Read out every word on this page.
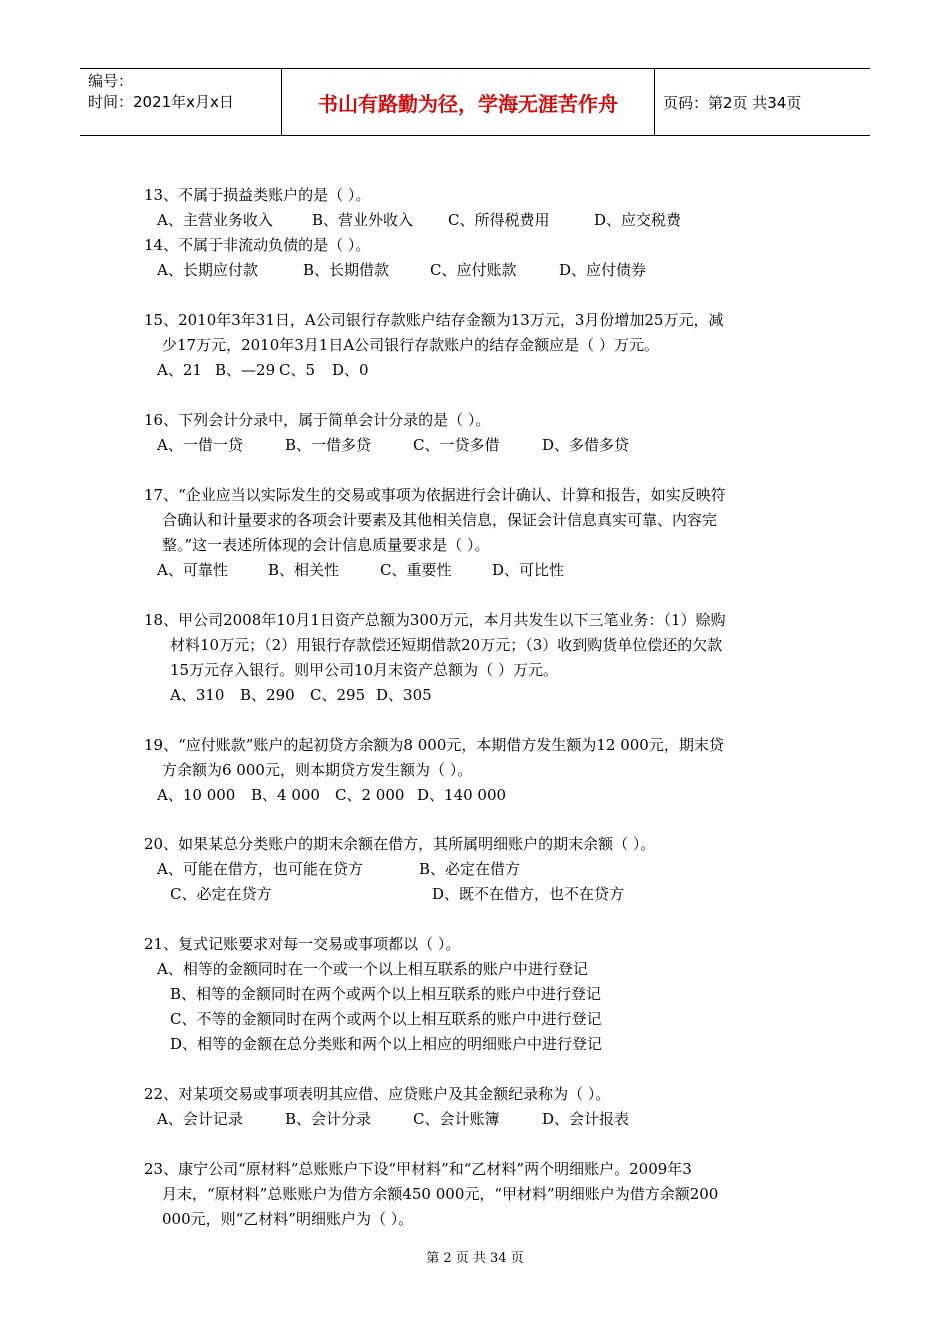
编号：
时间：2021年x月x日	书山有路勤为径，学海无涯苦作舟	页码：第2页 共34页
13、不属于损益类账户的是（ ）。
A、主营业务收入	B、营业外收入 C、所得税费用	D、应交税费
14、不属于非流动负债的是（ ）。
A、长期应付款	B、长期借款	C、应付账款	D、应付债券
15、2010年3年31日，A公司银行存款账户结存金额为13万元，3月份增加25万元，减
少17万元，2010年3月1日A公司银行存款账户的结存金额应是（ ）万元。
A、21 B、—29 C、5 D、0
16、下列会计分录中，属于简单会计分录的是（ ）。
A、一借一贷	B、一借多贷	C、一贷多借	D、多借多贷
17、“企业应当以实际发生的交易或事项为依据进行会计确认、计算和报告，如实反映符
合确认和计量要求的各项会计要素及其他相关信息，保证会计信息真实可靠、内容完
整。”这一表述所体现的会计信息质量要求是（ ）。
A、可靠性	B、相关性	C、重要性	D、可比性
18、甲公司2008年10月1日资产总额为300万元，本月共发生以下三笔业务：（1）赊购
材料10万元；（2）用银行存款偿还短期借款20万元；（3）收到购货单位偿还的欠款
15万元存入银行。则甲公司10月末资产总额为（ ）万元。
A、310 B、290 C、295 D、305
19、“应付账款”账户的起初贷方余额为8 000元，本期借方发生额为12 000元，期末贷
方余额为6 000元，则本期贷方发生额为（ ）。
A、10 000 B、4 000 C、2 000 D、140 000
20、如果某总分类账户的期末余额在借方，其所属明细账户的期末余额（ ）。
A、可能在借方，也可能在贷方	B、必定在借方
C、必定在贷方	D、既不在借方，也不在贷方
21、复式记账要求对每一交易或事项都以（ ）。
A、相等的金额同时在一个或一个以上相互联系的账户中进行登记
B、相等的金额同时在两个或两个以上相互联系的账户中进行登记
C、不等的金额同时在两个或两个以上相互联系的账户中进行登记
D、相等的金额在总分类账和两个以上相应的明细账户中进行登记
22、对某项交易或事项表明其应借、应贷账户及其金额纪录称为（ ）。
A、会计记录	B、会计分录	C、会计账簿	D、会计报表
23、康宁公司“原材料”总账账户下设“甲材料”和“乙材料”两个明细账户。2009年3
月末，“原材料”总账账户为借方余额450 000元，“甲材料”明细账户为借方余额200
000元，则“乙材料”明细账户为（ ）。
第 2 页 共 34 页
